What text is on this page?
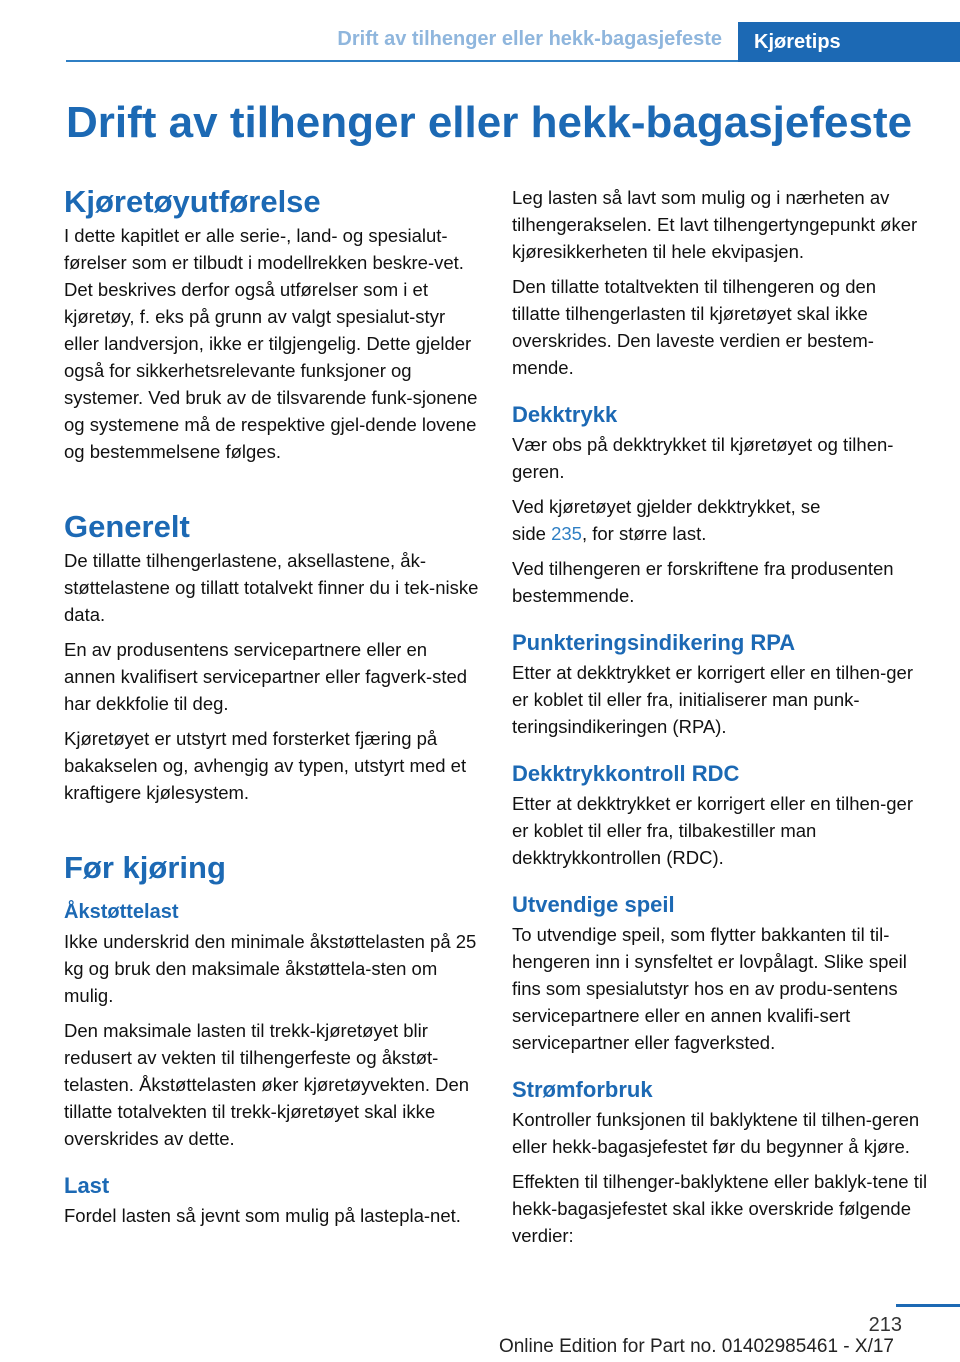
Drift av tilhenger eller hekk-bagasjefeste	Kjøretips
Drift av tilhenger eller hekk-bagasjefeste
Kjøretøyutførelse

I dette kapitlet er alle serie-, land- og spesialut-førelser som er tilbudt i modellrekken beskre-vet. Det beskrives derfor også utførelser som i et kjøretøy, f. eks på grunn av valgt spesialut-styr eller landversjon, ikke er tilgjengelig. Dette gjelder også for sikkerhetsrelevante funksjoner og systemer. Ved bruk av de tilsvarende funk-sjonene og systemene må de respektive gjel-dende lovene og bestemmelsene følges.

Generelt

De tillatte tilhengerlastene, aksellastene, åk-støttelastene og tillatt totalvekt finner du i tek-niske data.

En av produsentens servicepartnere eller en annen kvalifisert servicepartner eller fagverk-sted har dekkfolie til deg.

Kjøretøyet er utstyrt med forsterket fjæring på bakakselen og, avhengig av typen, utstyrt med et kraftigere kjølesystem.

Før kjøring
Åkstøttelast

Ikke underskrid den minimale åkstøttelasten på 25 kg og bruk den maksimale åkstøttela-sten om mulig.

Den maksimale lasten til trekk-kjøretøyet blir redusert av vekten til tilhengerfeste og åkstøt-telasten. Åkstøttelasten øker kjøretøyvekten. Den tillatte totalvekten til trekk-kjøretøyet skal ikke overskrides av dette.

Last

Fordel lasten så jevnt som mulig på lastepla-net.

Leg lasten så lavt som mulig og i nærheten av tilhengerakselen. Et lavt tilhengertyngepunkt øker kjøresikkerheten til hele ekvipasjen.

Den tillatte totaltvekten til tilhengeren og den tillatte tilhengerlasten til kjøretøyet skal ikke overskrides. Den laveste verdien er bestem-mende.

Dekktrykk

Vær obs på dekktrykket til kjøretøyet og tilhen-geren.

Ved kjøretøyet gjelder dekktrykket, se
side 235, for større last.

Ved tilhengeren er forskriftene fra produsenten bestemmende.

Punkteringsindikering RPA

Etter at dekktrykket er korrigert eller en tilhen-ger er koblet til eller fra, initialiserer man punk-teringsindikeringen (RPA).

Dekktrykkontroll RDC

Etter at dekktrykket er korrigert eller en tilhen-ger er koblet til eller fra, tilbakestiller man dekktrykkontrollen (RDC).

Utvendige speil

To utvendige speil, som flytter bakkanten til til-hengeren inn i synsfeltet er lovpålagt. Slike speil fins som spesialutstyr hos en av produ-sentens servicepartnere eller en annen kvalifi-sert servicepartner eller fagverksted.

Strømforbruk

Kontroller funksjonen til baklyktene til tilhen-geren eller hekk-bagasjefestet før du begynner å kjøre.

Effekten til tilhenger-baklyktene eller baklyk-tene til hekk-bagasjefestet skal ikke overskride følgende verdier:

213
Online Edition for Part no. 01402985461 - X/17
